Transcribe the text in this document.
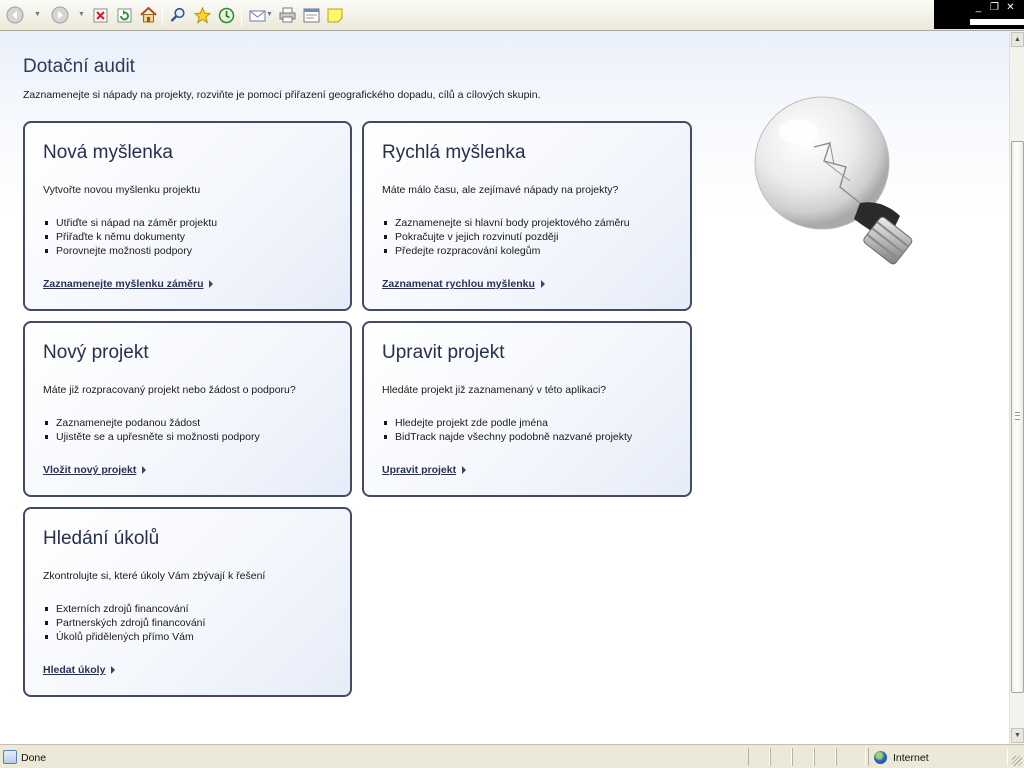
▼	▼	▼
_ ❐ ✕
Dotační audit

Zaznamenejte si nápady na projekty, rozviňte je pomocí přiřazení geografického dopadu, cílů a cílových skupin.

Nová myšlenka
Vytvořte novou myšlenku projektu
Utřiďte si nápad na záměr projektu
Přiřaďte k němu dokumenty
Porovnejte možnosti podpory
Zaznamenejte myšlenku záměru
Rychlá myšlenka
Máte málo času, ale zejímavé nápady na projekty?
Zaznamenejte si hlavní body projektového záměru
Pokračujte v jejich rozvinutí později
Předejte rozpracování kolegům
Zaznamenat rychlou myšlenku
Nový projekt
Máte již rozpracovaný projekt nebo žádost o podporu?
Zaznamenejte podanou žádost
Ujistěte se a upřesněte si možnosti podpory
Vložit nový projekt
Upravit projekt
Hledáte projekt již zaznamenaný v této aplikaci?
Hledejte projekt zde podle jména
BidTrack najde všechny podobně nazvané projekty
Upravit projekt
Hledání úkolů
Zkontrolujte si, které úkoly Vám zbývají k řešení
Externích zdrojů financování
Partnerských zdrojů financování
Úkolů přidělených přímo Vám
Hledat úkoly
▲
▼
Done	Internet
